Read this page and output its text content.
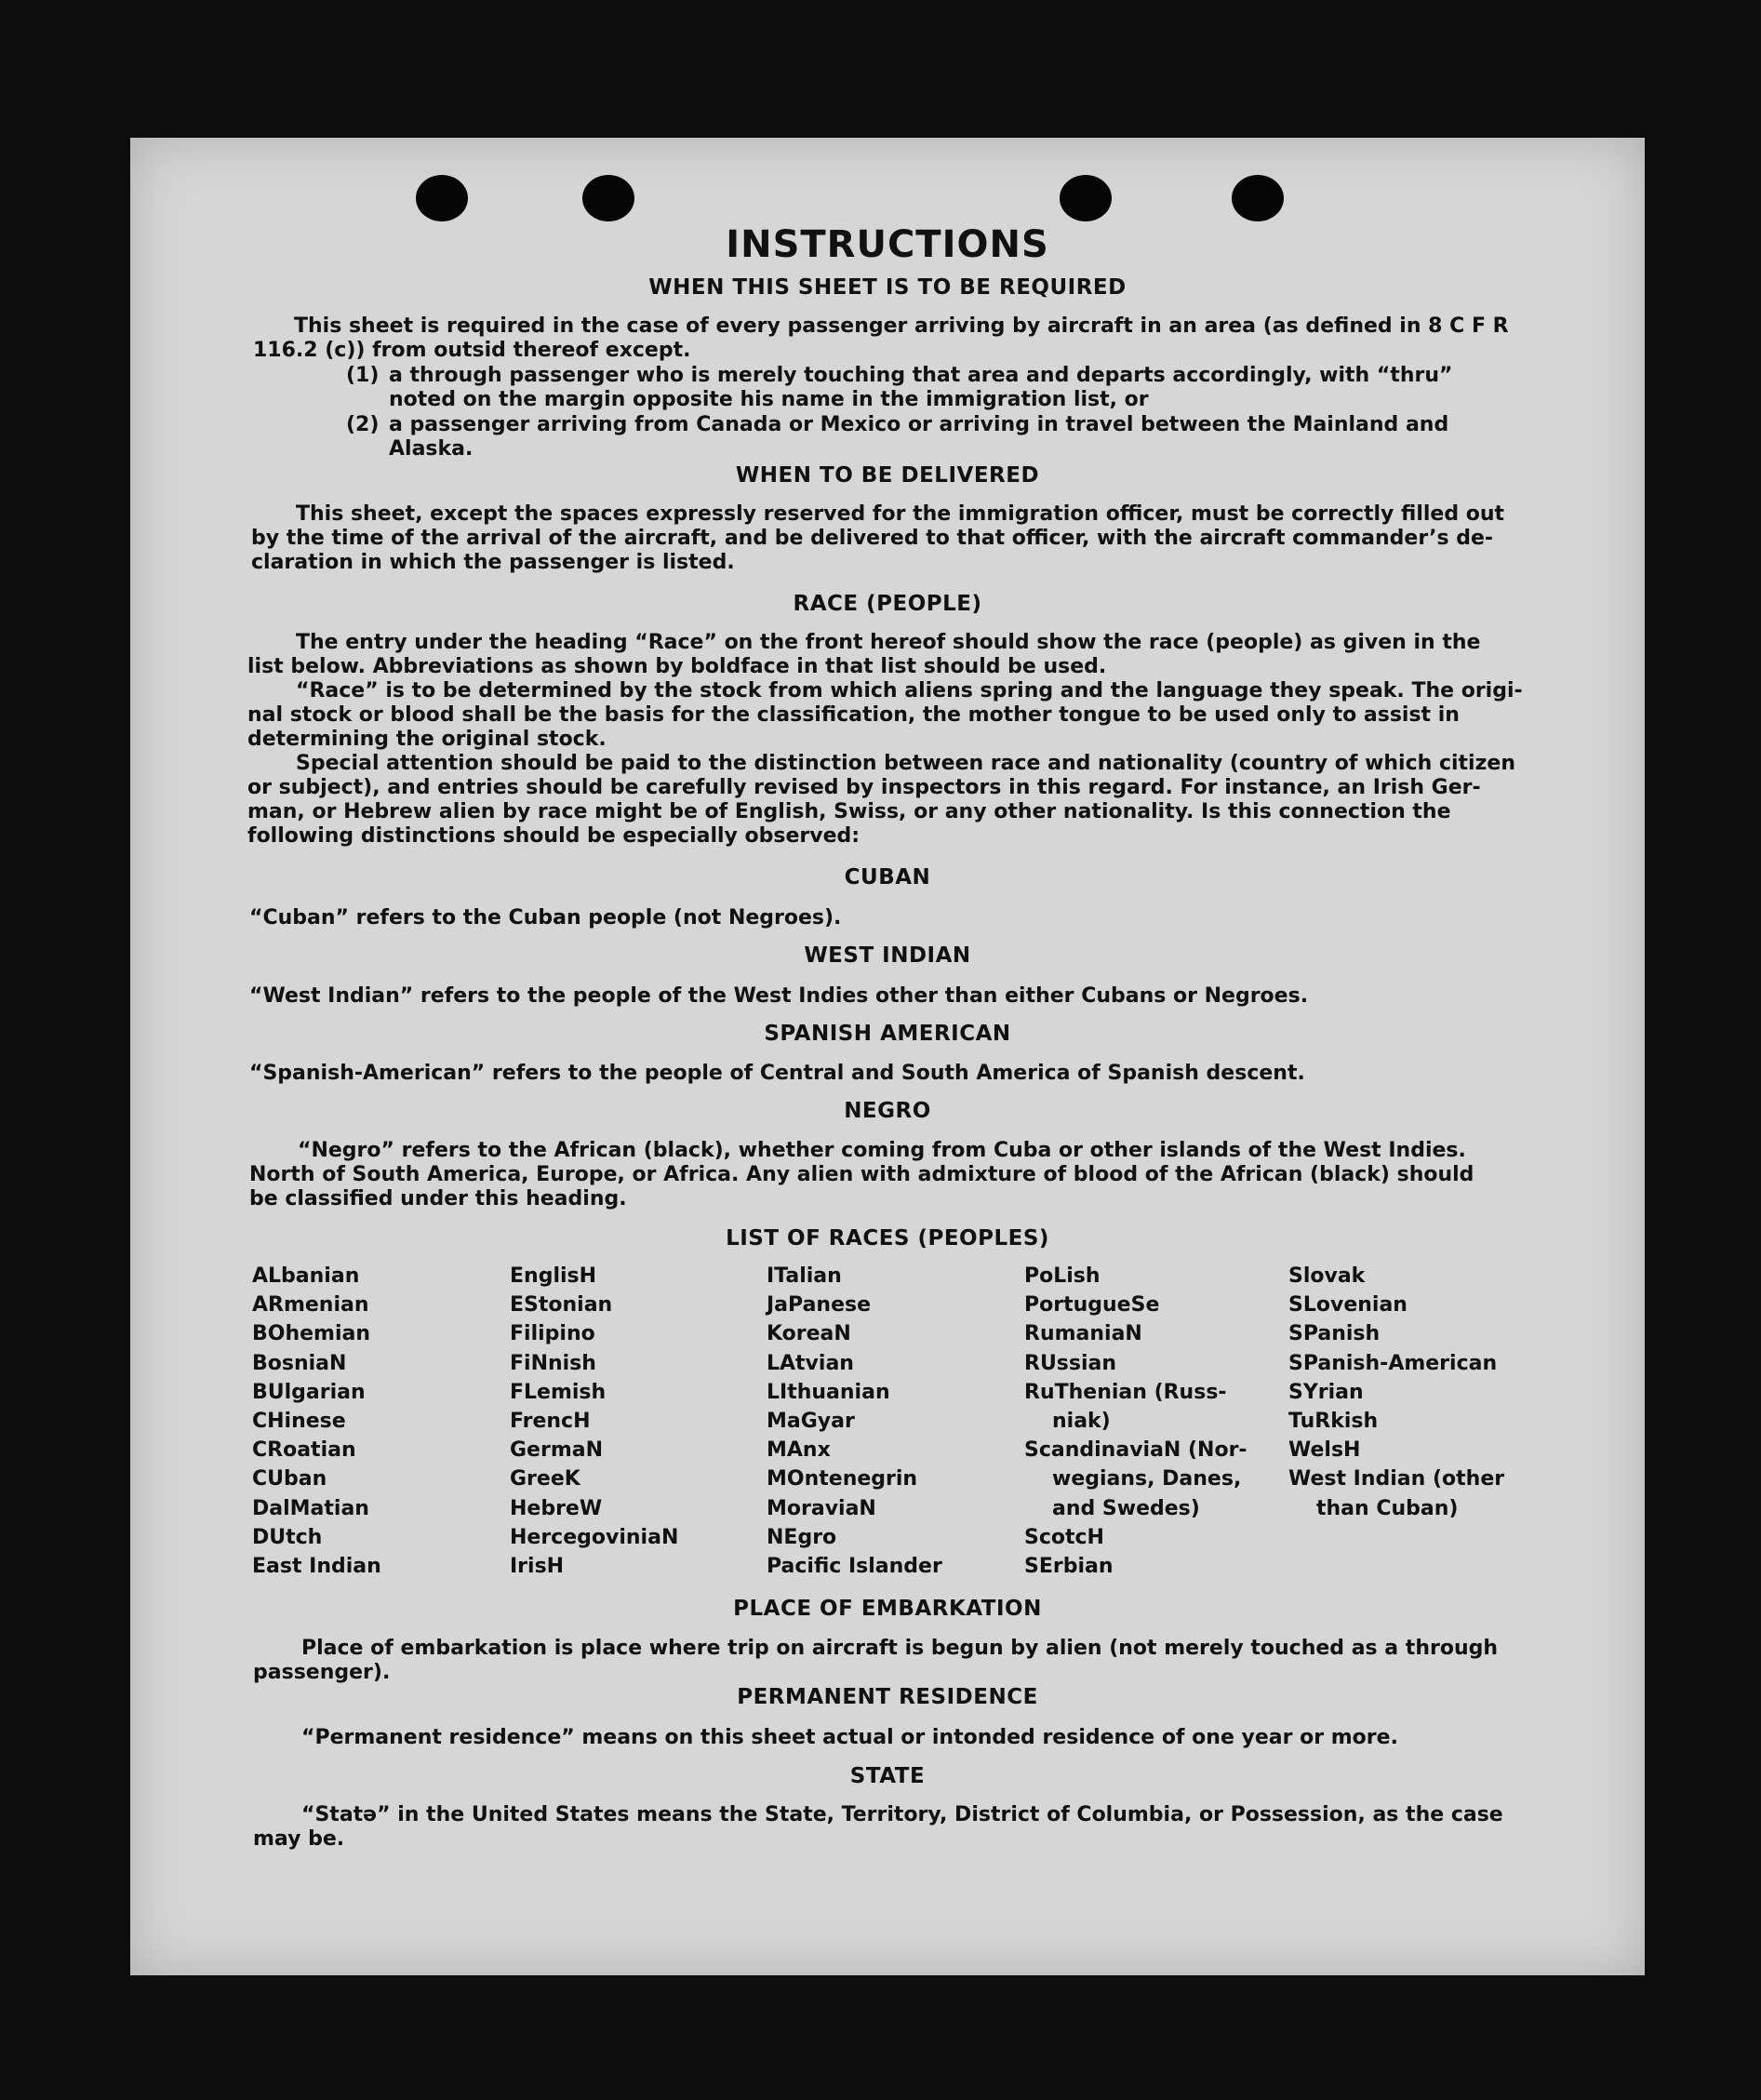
INSTRUCTIONS
WHEN THIS SHEET IS TO BE REQUIRED
This sheet is required in the case of every passenger arriving by aircraft in an area (as defined in 8 C F R
116.2 (c)) from outsid thereof except.
(1) a through passenger who is merely touching that area and departs accordingly, with “thru”
noted on the margin opposite his name in the immigration list, or
(2) a passenger arriving from Canada or Mexico or arriving in travel between the Mainland and
Alaska.
WHEN TO BE DELIVERED
This sheet, except the spaces expressly reserved for the immigration officer, must be correctly filled out
by the time of the arrival of the aircraft, and be delivered to that officer, with the aircraft commander’s de-
claration in which the passenger is listed.
RACE (PEOPLE)
The entry under the heading “Race” on the front hereof should show the race (people) as given in the
list below. Abbreviations as shown by boldface in that list should be used.
“Race” is to be determined by the stock from which aliens spring and the language they speak. The origi-
nal stock or blood shall be the basis for the classification, the mother tongue to be used only to assist in
determining the original stock.
Special attention should be paid to the distinction between race and nationality (country of which citizen
or subject), and entries should be carefully revised by inspectors in this regard. For instance, an Irish Ger-
man, or Hebrew alien by race might be of English, Swiss, or any other nationality. Is this connection the
following distinctions should be especially observed:
CUBAN
“Cuban” refers to the Cuban people (not Negroes).
WEST INDIAN
“West Indian” refers to the people of the West Indies other than either Cubans or Negroes.
SPANISH AMERICAN
“Spanish-American” refers to the people of Central and South America of Spanish descent.
NEGRO
“Negro” refers to the African (black), whether coming from Cuba or other islands of the West Indies.
North of South America, Europe, or Africa. Any alien with admixture of blood of the African (black) should
be classified under this heading.
LIST OF RACES (PEOPLES)
ALbanian
ARmenian
BOhemian
BosniaN
BUlgarian
CHinese
CRoatian
CUban
DalMatian
DUtch
East Indian
EnglisH
EStonian
Filipino
FiNnish
FLemish
FrencH
GermaN
GreeK
HebreW
HercegoviniaN
IrisH
ITalian
JaPanese
KoreaN
LAtvian
LIthuanian
MaGyar
MAnx
MOntenegrin
MoraviaN
NEgro
Pacific Islander
PoLish
PortugueSe
RumaniaN
RUssian
RuThenian (Russ-
niak)
ScandinaviaN (Nor-
wegians, Danes,
and Swedes)
ScotcH
SErbian
Slovak
SLovenian
SPanish
SPanish-American
SYrian
TuRkish
WelsH
West Indian (other
than Cuban)
PLACE OF EMBARKATION
Place of embarkation is place where trip on aircraft is begun by alien (not merely touched as a through
passenger).
PERMANENT RESIDENCE
“Permanent residence” means on this sheet actual or intonded residence of one year or more.
STATE
“Statə” in the United States means the State, Territory, District of Columbia, or Possession, as the case
may be.
